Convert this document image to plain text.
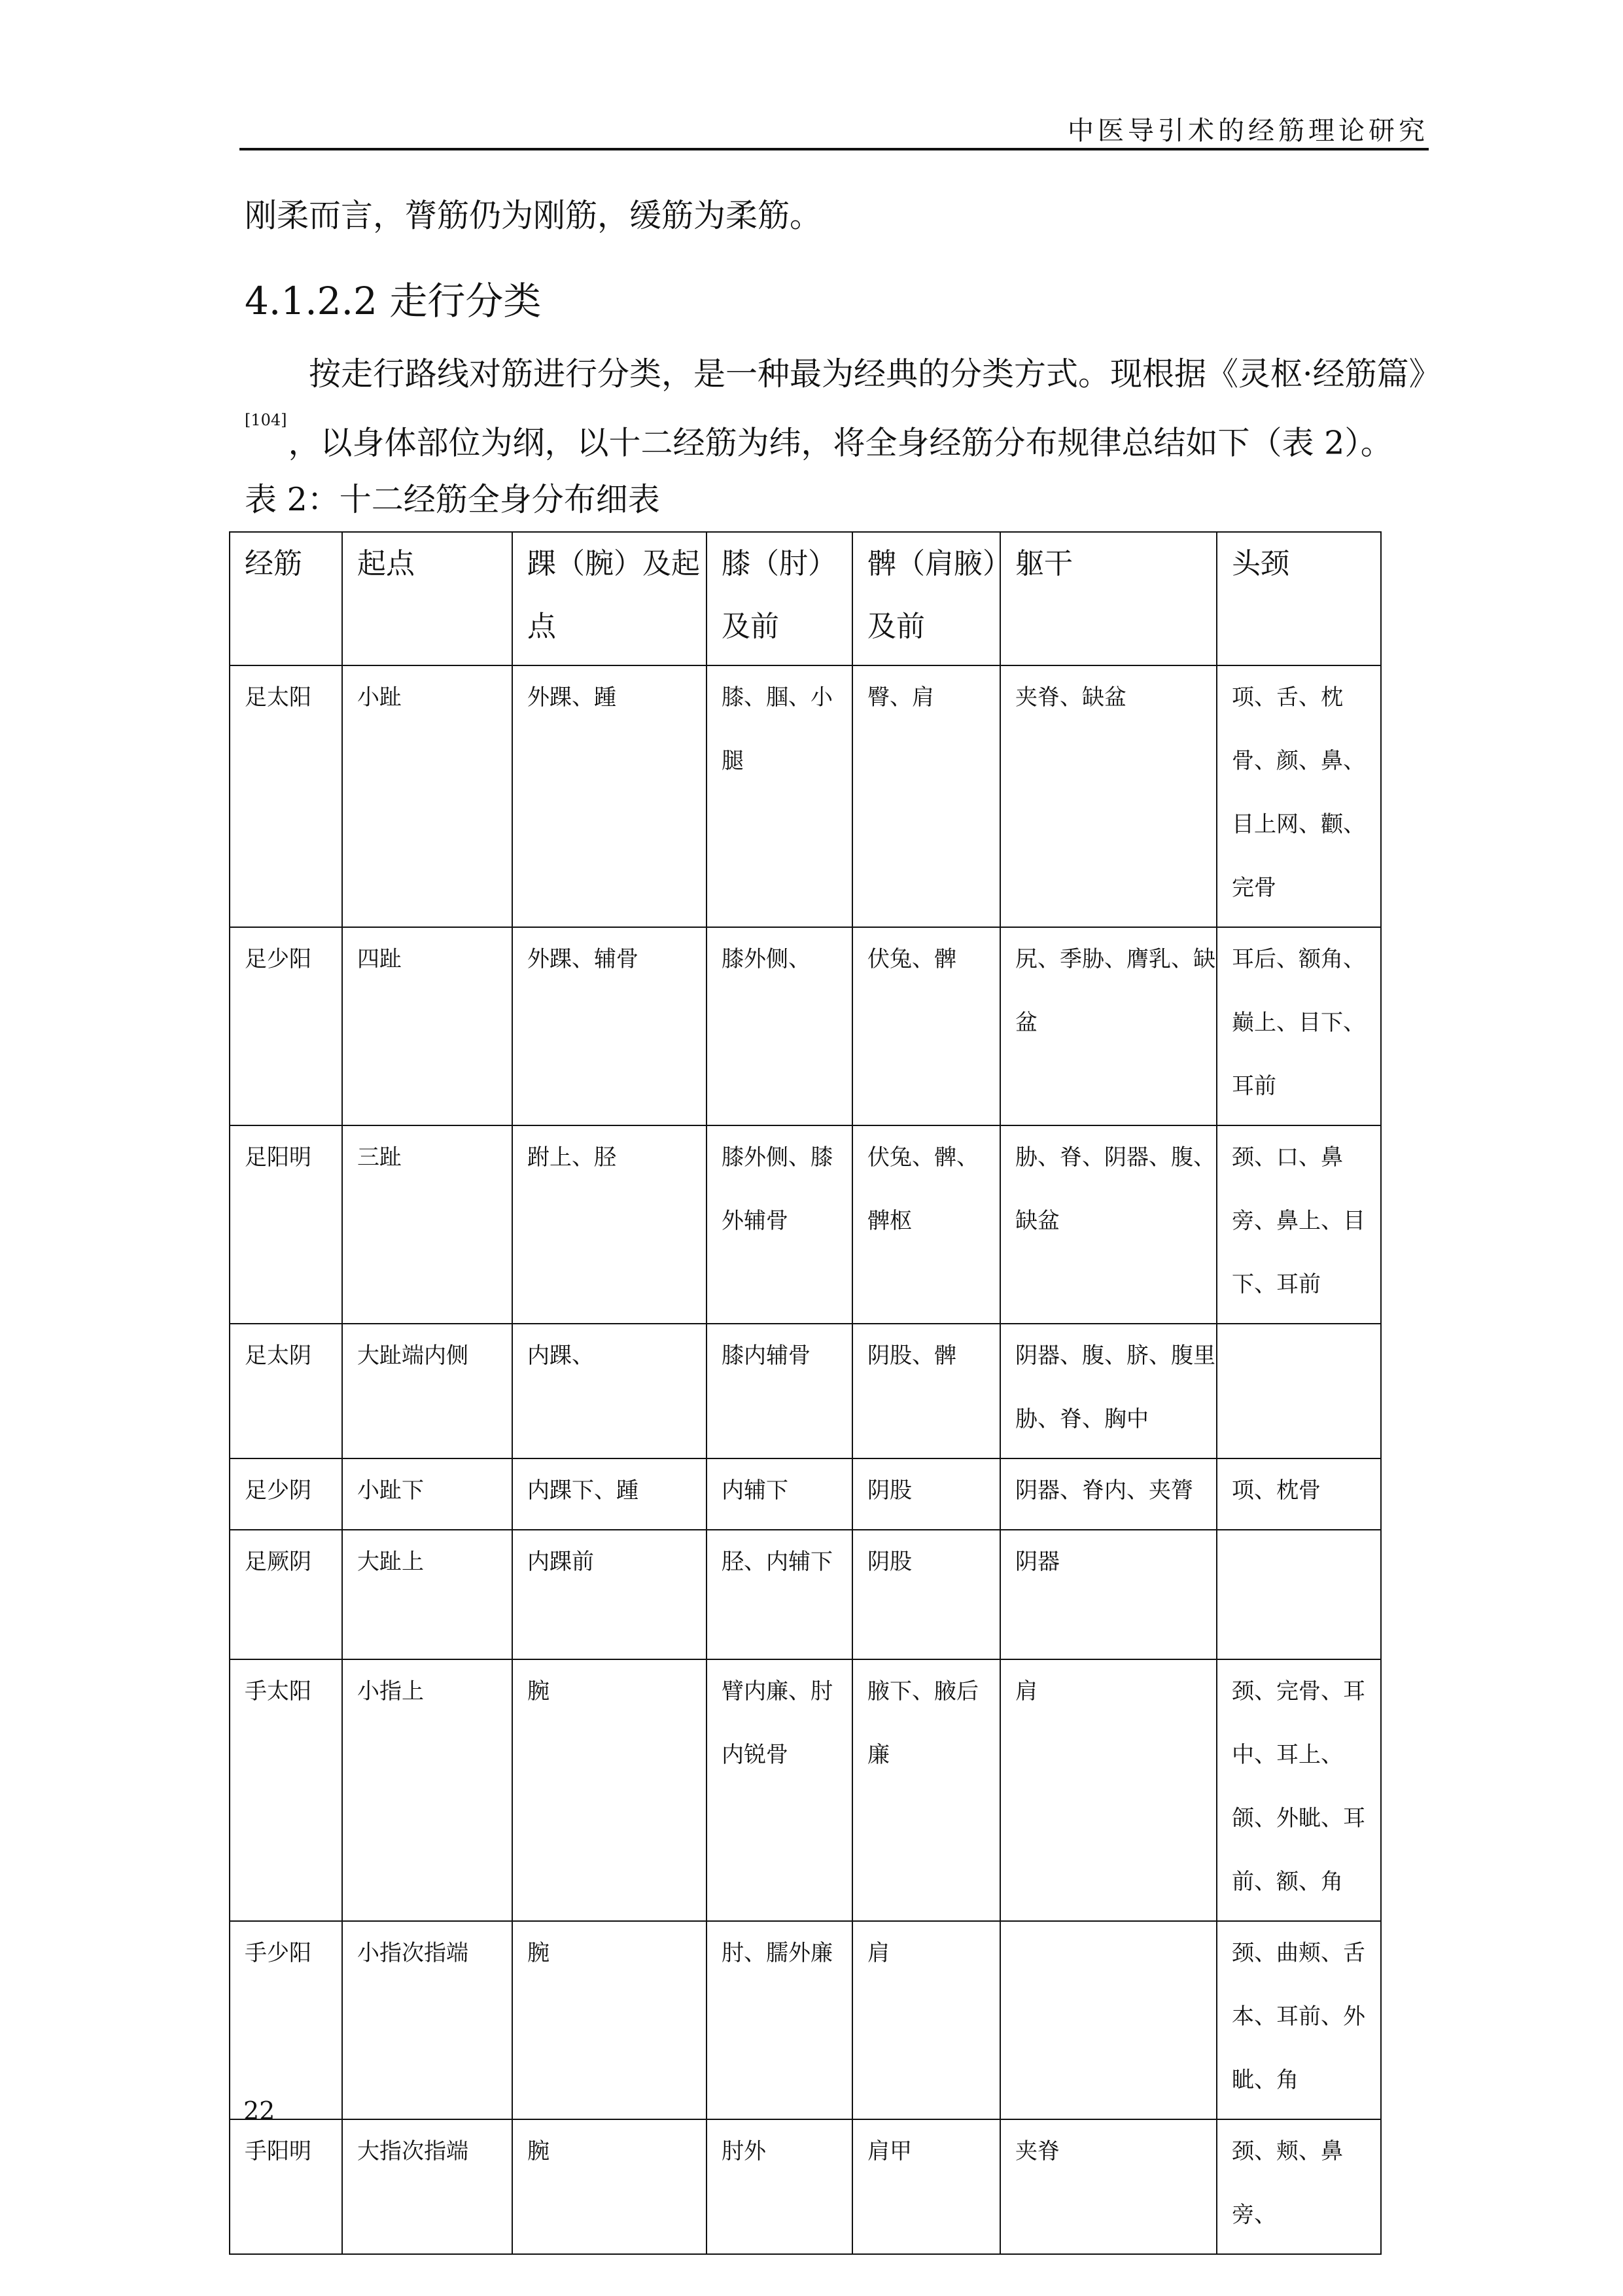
中医导引术的经筋理论研究
刚柔而言，膂筋仍为刚筋，缓筋为柔筋。
4.1.2.2 走行分类
按走行路线对筋进行分类，是一种最为经典的分类方式。现根据《灵枢·经筋篇》
[104]，以身体部位为纲，以十二经筋为纬，将全身经筋分布规律总结如下（表 2）。
表 2：十二经筋全身分布细表
经筋	起点	踝（腕）及起点	膝（肘）及前	髀（肩腋）及前	躯干	头颈
足太阳	小趾	外踝、踵	膝、腘、小腿	臀、肩	夹脊、缺盆	项、舌、枕骨、颜、鼻、目上网、颧、完骨
足少阳	四趾	外踝、辅骨	膝外侧、	伏兔、髀	尻、季胁、膺乳、缺盆	耳后、额角、巅上、目下、耳前
足阳明	三趾	跗上、胫	膝外侧、膝外辅骨	伏兔、髀、髀枢	胁、脊、阴器、腹、缺盆	颈、口、鼻旁、鼻上、目下、耳前
足太阴	大趾端内侧	内踝、	膝内辅骨	阴股、髀	阴器、腹、脐、腹里胁、脊、胸中	
足少阴	小趾下	内踝下、踵	内辅下	阴股	阴器、脊内、夹膂	项、枕骨
足厥阴	大趾上	内踝前	胫、内辅下	阴股	阴器	
手太阳	小指上	腕	臂内廉、肘内锐骨	腋下、腋后廉	肩	颈、完骨、耳中、耳上、颌、外眦、耳前、额、角
手少阳	小指次指端	腕	肘、臑外廉	肩		颈、曲颊、舌本、耳前、外眦、角
手阳明	大指次指端	腕	肘外	肩甲	夹脊	颈、颊、鼻旁、
22
